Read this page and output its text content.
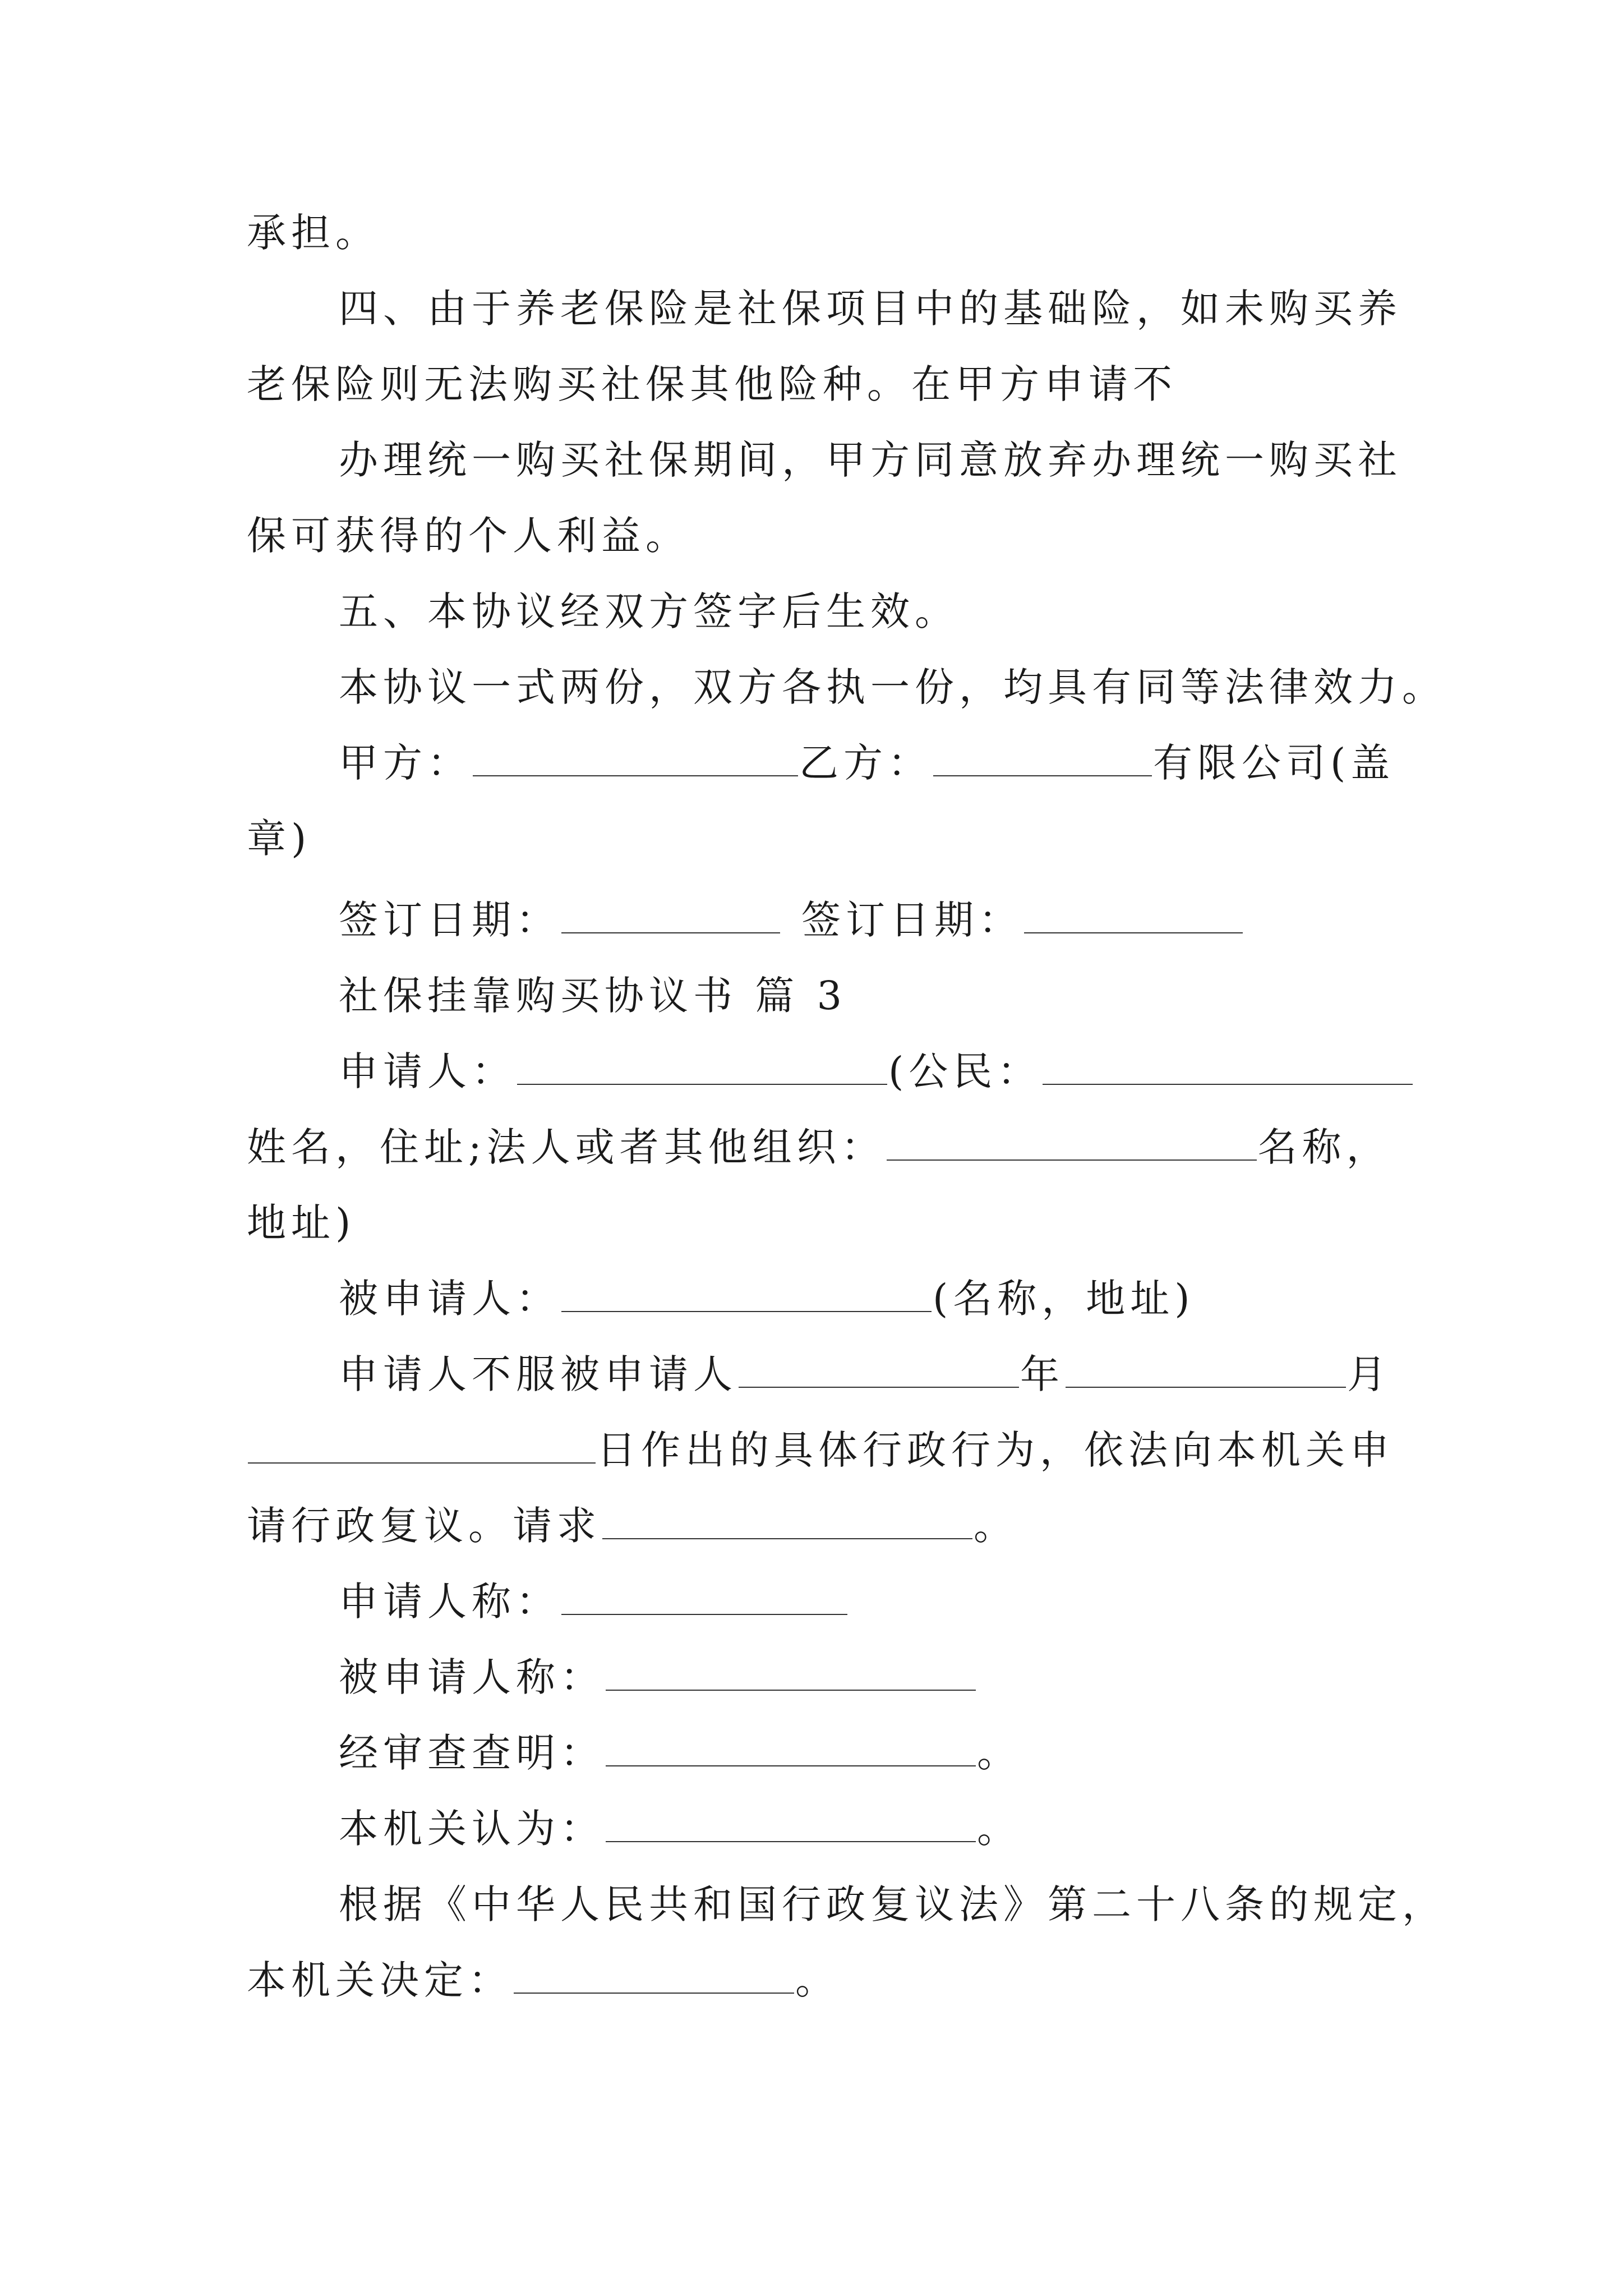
承担。
四、由于养老保险是社保项目中的基础险，如未购买养
老保险则无法购买社保其他险种。在甲方申请不
办理统一购买社保期间，甲方同意放弃办理统一购买社
保可获得的个人利益。
五、本协议经双方签字后生效。
本协议一式两份，双方各执一份，均具有同等法律效力。
甲方：	乙方：	有限公司(盖
章)
签订日期：	签订日期：
社保挂靠购买协议书 篇 3
申请人：	(公民：
姓名，住址;法人或者其他组织：	名称，
地址)
被申请人：	(名称，地址)
申请人不服被申请人	年	月
日作出的具体行政行为，依法向本机关申
请行政复议。请求	。
申请人称：
被申请人称：
经审查查明：	。
本机关认为：	。
根据《中华人民共和国行政复议法》第二十八条的规定，
本机关决定：	。
